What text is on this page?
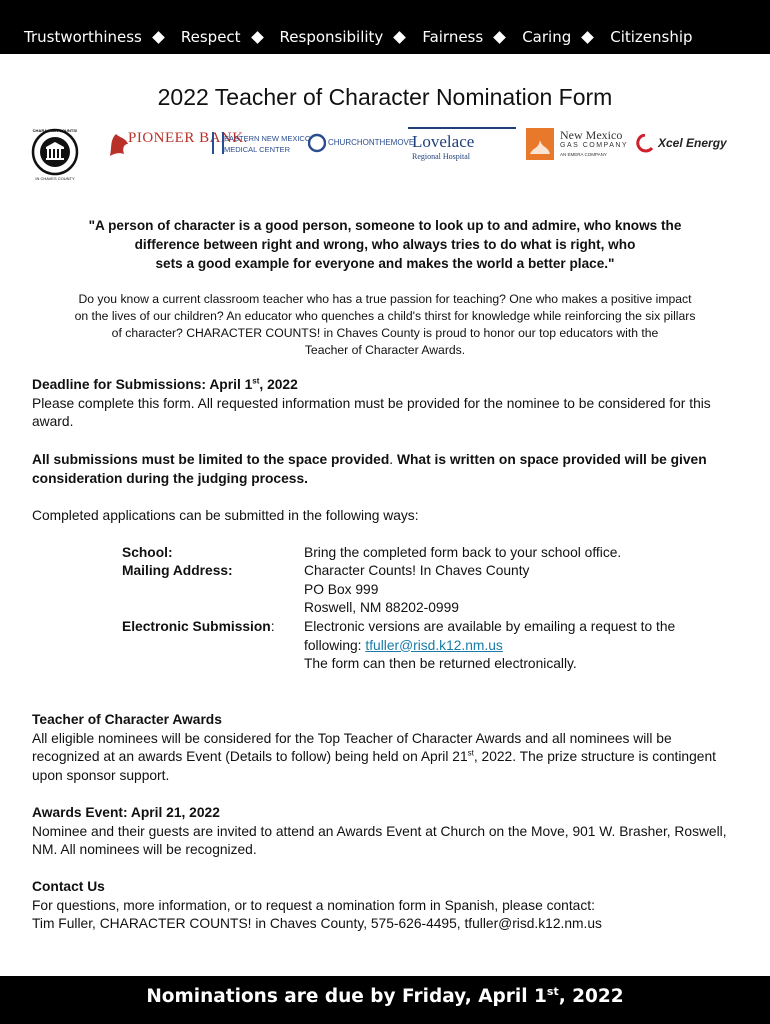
Trustworthiness	Respect	Responsibility	Fairness	Caring	Citizenship
2022 Teacher of Character Nomination Form
CHARACTER COUNTS!
IN CHAVES COUNTY
PIONEER BANK.
EASTERN NEW MEXICO
MEDICAL CENTER
CHURCHONTHEMOVE
Lovelace
Regional Hospital
New Mexico
GAS COMPANY
AN EMERA COMPANY
Xcel Energy
"A person of character is a good person, someone to look up to and admire, who knows the
difference between right and wrong, who always tries to do what is right, who
sets a good example for everyone and makes the world a better place."
Do you know a current classroom teacher who has a true passion for teaching? One who makes a positive impact
on the lives of our children? An educator who quenches a child's thirst for knowledge while reinforcing the six pillars
of character? CHARACTER COUNTS! in Chaves County is proud to honor our top educators with the
Teacher of Character Awards.

Deadline for Submissions: April 1st, 2022

Please complete this form. All requested information must be provided for the nominee to be considered for this award.

All submissions must be limited to the space provided. What is written on space provided will be given consideration during the judging process.

Completed applications can be submitted in the following ways:
School:	Bring the completed form back to your school office.
Mailing Address:	Character Counts! In Chaves County
PO Box 999
Roswell, NM 88202-0999
Electronic Submission: Electronic versions are available by emailing a request to the
following: tfuller@risd.k12.nm.us
The form can then be returned electronically.

Teacher of Character Awards

All eligible nominees will be considered for the Top Teacher of Character Awards and all nominees will be recognized at an awards Event (Details to follow) being held on April 21st, 2022. The prize structure is contingent upon sponsor support.

Awards Event: April 21, 2022

Nominee and their guests are invited to attend an Awards Event at Church on the Move, 901 W. Brasher, Roswell, NM. All nominees will be recognized.

Contact Us

For questions, more information, or to request a nomination form in Spanish, please contact:

Tim Fuller, CHARACTER COUNTS! in Chaves County, 575-626-4495, tfuller@risd.k12.nm.us

Nominations are due by Friday, April 1st, 2022
